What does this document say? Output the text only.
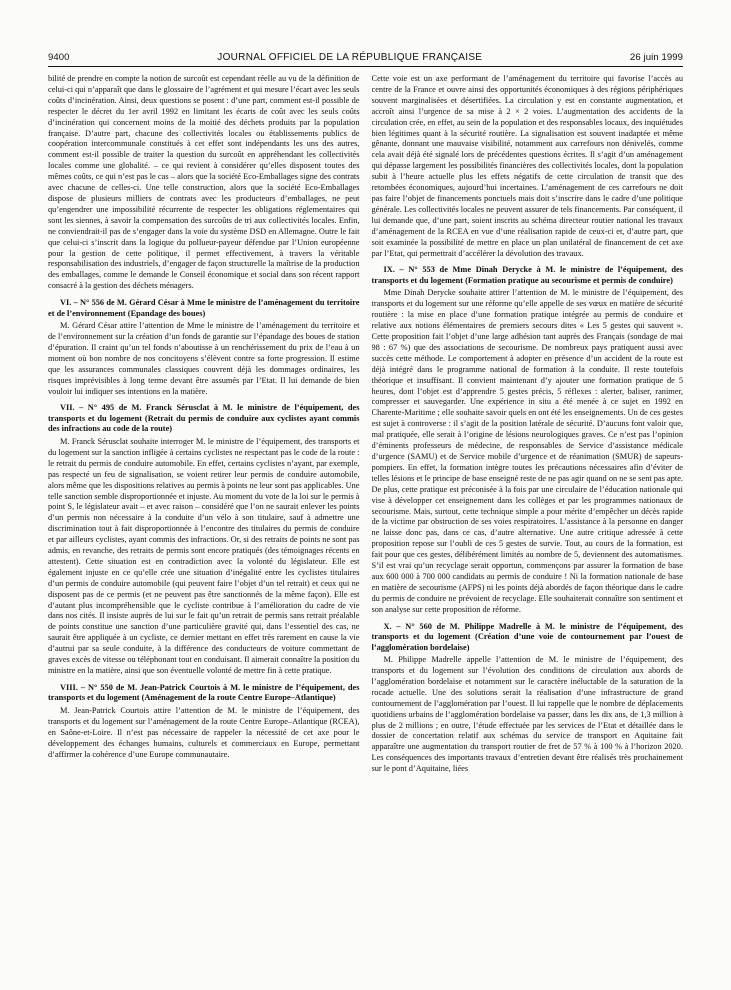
9400	JOURNAL OFFICIEL DE LA RÉPUBLIQUE FRANÇAISE	26 juin 1999

bilité de prendre en compte la notion de surcoût est cependant réelle au vu de la définition de celui-ci qui n’apparaît que dans le glossaire de l’agrément et qui mesure l’écart avec les seuls coûts d’incinération. Ainsi, deux questions se posent : d’une part, comment est-il possible de respecter le décret du 1er avril 1992 en limitant les écarts de coût avec les seuls coûts d’incinération qui concernent moins de la moitié des déchets produits par la population française. D’autre part, chacune des collectivités locales ou établissements publics de coopération intercommunale constitués à cet effet sont indépendants les uns des autres, comment est-il possible de traiter la question du surcoût en appréhendant les collectivités locales comme une globalité. – ce qui revient à considérer qu’elles disposent toutes des mêmes coûts, ce qui n’est pas le cas – alors que la société Eco-Emballages signe des contrats avec chacune de celles-ci. Une telle construction, alors que la société Eco-Emballages dispose de plusieurs milliers de contrats avec les producteurs d’emballages, ne peut qu’engendrer une impossibilité récurrente de respecter les obligations réglementaires qui sont les siennes, à savoir la compensation des surcoûts de tri aux collectivités locales. Enfin, ne conviendrait-il pas de s’engager dans la voie du système DSD en Allemagne. Outre le fait que celui-ci s’inscrit dans la logique du pollueur-payeur défendue par l’Union européenne pour la gestion de cette politique, il permet effectivement, à travers la véritable responsabilisation des industriels, d’engager de façon structurelle la maîtrise de la production des emballages, comme le demande le Conseil économique et social dans son récent rapport consacré à la gestion des déchets ménagers.

VI. – N° 556 de M. Gérard César à Mme le ministre de l’aménagement du territoire et de l’environnement (Epandage des boues)

M. Gérard César attire l’attention de Mme le ministre de l’aménagement du territoire et de l’environnement sur la création d’un fonds de garantie sur l’épandage des boues de station d’épuration. Il craint qu’un tel fonds n’aboutisse à un renchérissement du prix de l’eau à un moment où bon nombre de nos concitoyens s’élèvent contre sa forte progression. Il estime que les assurances communales classiques couvrent déjà les dommages ordinaires, les risques imprévisibles à long terme devant être assumés par l’Etat. Il lui demande de bien vouloir lui indiquer ses intentions en la matière.

VII. – N° 495 de M. Franck Sérusclat à M. le ministre de l’équipement, des transports et du logement (Retrait du permis de conduire aux cyclistes ayant commis des infractions au code de la route)

M. Franck Sérusclat souhaite interroger M. le ministre de l’équipement, des transports et du logement sur la sanction infligée à certains cyclistes ne respectant pas le code de la route : le retrait du permis de conduire automobile. En effet, certains cyclistes n’ayant, par exemple, pas respecté un feu de signalisation, se voient retirer leur permis de conduire automobile, alors même que les dispositions relatives au permis à points ne leur sont pas applicables. Une telle sanction semble disproportionnée et injuste. Au moment du vote de la loi sur le permis à point S, le législateur avait – et avec raison – considéré que l’on ne saurait enlever les points d’un permis non nécessaire à la conduite d’un vélo à son titulaire, sauf à admettre une discrimination tout à fait disproportionnée à l’encontre des titulaires du permis de conduire et par ailleurs cyclistes, ayant commis des infractions. Or, si des retraits de points ne sont pas admis, en revanche, des retraits de permis sont encore pratiqués (des témoignages récents en attestent). Cette situation est en contradiction avec la volonté du législateur. Elle est également injuste en ce qu’elle crée une situation d’inégalité entre les cyclistes titulaires d’un permis de conduire automobile (qui peuvent faire l’objet d’un tel retrait) et ceux qui ne disposent pas de ce permis (et ne peuvent pas être sanctionnés de la même façon). Elle est d’autant plus incompréhensible que le cycliste contribue à l’amélioration du cadre de vie dans nos cités. Il insiste auprès de lui sur le fait qu’un retrait de permis sans retrait préalable de points constitue une sanction d’une particulière gravité qui, dans l’essentiel des cas, ne saurait être appliquée à un cycliste, ce dernier mettant en effet très rarement en cause la vie d’autrui par sa seule conduite, à la différence des conducteurs de voiture commettant de graves excès de vitesse ou téléphonant tout en conduisant. Il aimerait connaître la position du ministre en la matière, ainsi que son éventuelle volonté de mettre fin à cette pratique.

VIII. – N° 550 de M. Jean-Patrick Courtois à M. le ministre de l’équipement, des transports et du logement (Aménagement de la route Centre Europe–Atlantique)

M. Jean-Patrick Courtois attire l’attention de M. le ministre de l’équipement, des transports et du logement sur l’aménagement de la route Centre Europe–Atlantique (RCEA), en Saône-et-Loire. Il n’est pas nécessaire de rappeler la nécessité de cet axe pour le développement des échanges humains, culturels et commerciaux en Europe, permettant d’affirmer la cohérence d’une Europe communautaire.

Cette voie est un axe performant de l’aménagement du territoire qui favorise l’accès au centre de la France et ouvre ainsi des opportunités économiques à des régions périphériques souvent marginalisées et désertifiées. La circulation y est en constante augmentation, et accroît ainsi l’urgence de sa mise à 2 × 2 voies. L’augmentation des accidents de la circulation crée, en effet, au sein de la population et des responsables locaux, des inquiétudes bien légitimes quant à la sécurité routière. La signalisation est souvent inadaptée et même gênante, donnant une mauvaise visibilité, notamment aux carrefours non dénivelés, comme cela avait déjà été signalé lors de précédentes questions écrites. Il s’agit d’un aménagement qui dépasse largement les possibilités financières des collectivités locales, dont la population subit à l’heure actuelle plus les effets négatifs de cette circulation de transit que des retombées économiques, aujourd’hui incertaines. L’aménagement de ces carrefours ne doit pas faire l’objet de financements ponctuels mais doit s’inscrire dans le cadre d’une politique générale. Les collectivités locales ne peuvent assurer de tels financements. Par conséquent, il lui demande que, d’une part, soient inscrits au schéma directeur routier national les travaux d’aménagement de la RCEA en vue d’une réalisation rapide de ceux-ci et, d’autre part, que soit examinée la possibilité de mettre en place un plan unilatéral de financement de cet axe par l’Etat, qui permettrait d’accélérer la dévolution des travaux.

IX. – N° 553 de Mme Dinah Derycke à M. le ministre de l’équipement, des transports et du logement (Formation pratique au secourisme et permis de conduire)

Mme Dinah Derycke souhaite attirer l’attention de M. le ministre de l’équipement, des transports et du logement sur une réforme qu’elle appelle de ses vœux en matière de sécurité routière : la mise en place d’une formation pratique intégrée au permis de conduire et relative aux notions élémentaires de premiers secours dites « Les 5 gestes qui sauvent ». Cette proposition fait l’objet d’une large adhésion tant auprès des Français (sondage de mai 98 : 67 %) que des associations de secourisme. De nombreux pays pratiquent aussi avec succès cette méthode. Le comportement à adopter en présence d’un accident de la route est déjà intégré dans le programme national de formation à la conduite. Il reste toutefois théorique et insuffisant. Il convient maintenant d’y ajouter une formation pratique de 5 heures, dont l’objet est d’apprendre 5 gestes précis, 5 réflexes : alerter, baliser, ranimer, compresser et sauvegarder. Une expérience in situ a été menée à ce sujet en 1992 en Charente-Maritime ; elle souhaite savoir quels en ont été les enseignements. Un de ces gestes est sujet à controverse : il s’agit de la position latérale de sécurité. D’aucuns font valoir que, mal pratiquée, elle serait à l’origine de lésions neurologiques graves. Ce n’est pas l’opinion d’éminents professeurs de médecine, de responsables de Service d’assistance médicale d’urgence (SAMU) et de Service mobile d’urgence et de réanimation (SMUR) de sapeurs-pompiers. En effet, la formation intègre toutes les précautions nécessaires afin d’éviter de telles lésions et le principe de base enseigné reste de ne pas agir quand on ne se sent pas apte. De plus, cette pratique est préconisée à la fois par une circulaire de l’éducation nationale qui vise à développer cet enseignement dans les collèges et par les programmes nationaux de secourisme. Mais, surtout, cette technique simple a pour mérite d’empêcher un décès rapide de la victime par obstruction de ses voies respiratoires. L’assistance à la personne en danger ne laisse donc pas, dans ce cas, d’autre alternative. Une autre critique adressée à cette proposition repose sur l’oubli de ces 5 gestes de survie. Tout, au cours de la formation, est fait pour que ces gestes, délibérément limités au nombre de 5, deviennent des automatismes. S’il est vrai qu’un recyclage serait opportun, commençons par assurer la formation de base aux 600 000 à 700 000 candidats au permis de conduire ! Ni la formation nationale de base en matière de secourisme (AFPS) ni les points déjà abordés de façon théorique dans le cadre du permis de conduire ne prévoient de recyclage. Elle souhaiterait connaître son sentiment et son analyse sur cette proposition de réforme.

X. – N° 560 de M. Philippe Madrelle à M. le ministre de l’équipement, des transports et du logement (Création d’une voie de contournement par l’ouest de l’agglomération bordelaise)

M. Philippe Madrelle appelle l’attention de M. le ministre de l’équipement, des transports et du logement sur l’évolution des conditions de circulation aux abords de l’agglomération bordelaise et notamment sur le caractère inéluctable de la saturation de la rocade actuelle. Une des solutions serait la réalisation d’une infrastructure de grand contournement de l’agglomération par l’ouest. Il lui rappelle que le nombre de déplacements quotidiens urbains de l’agglomération bordelaise va passer, dans les dix ans, de 1,3 million à plus de 2 millions ; en outre, l’étude effectuée par les services de l’Etat et détaillée dans le dossier de concertation relatif aux schémas du service de transport en Aquitaine fait apparaître une augmentation du transport routier de fret de 57 % à 100 % à l’horizon 2020. Les conséquences des importants travaux d’entretien devant être réalisés très prochainement sur le pont d’Aquitaine, liées
